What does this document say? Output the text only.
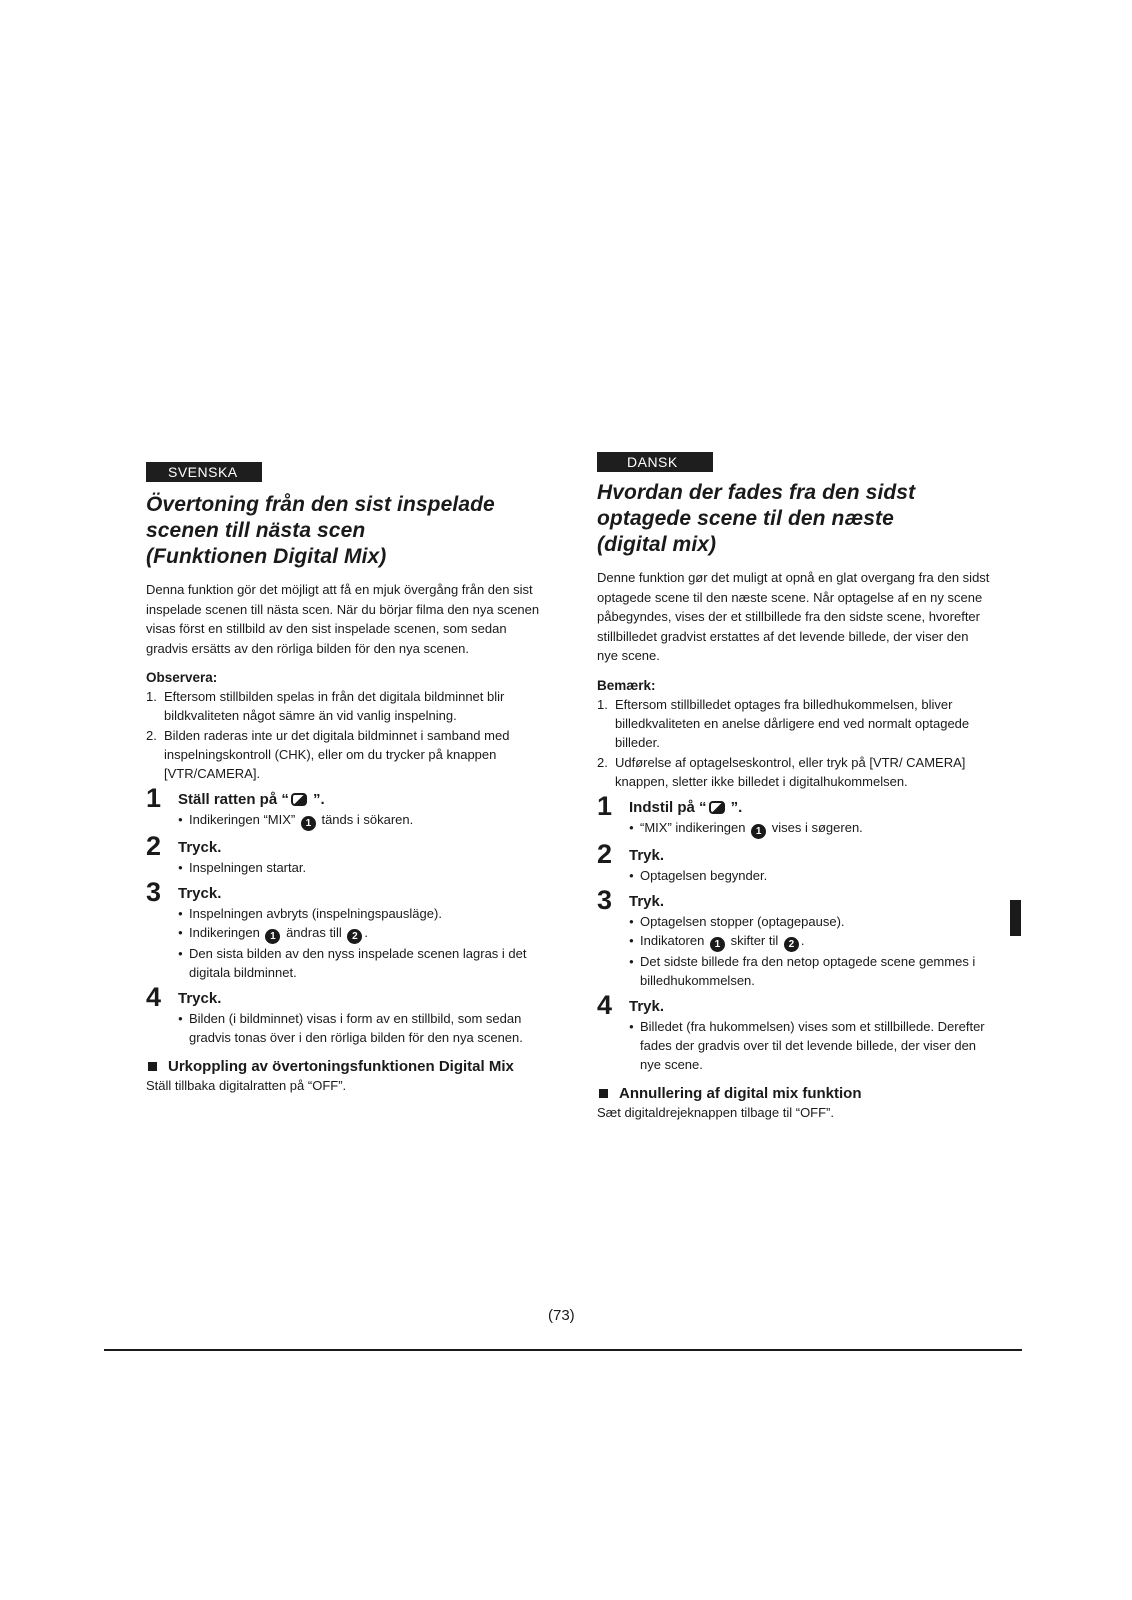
SVENSKA
Övertoning från den sist inspelade
scenen till nästa scen
(Funktionen Digital Mix)

Denna funktion gör det möjligt att få en mjuk övergång från den sist inspelade scenen till nästa scen. När du börjar filma den nya scenen visas först en stillbild av den sist inspelade scenen, som sedan gradvis ersätts av den rörliga bilden för den nya scenen.

Observera:
1. Eftersom stillbilden spelas in från det digitala bildminnet blir bildkvaliteten något sämre än vid vanlig inspelning.
2. Bilden raderas inte ur det digitala bildminnet i samband med inspelningskontroll (CHK), eller om du trycker på knappen [VTR/CAMERA].
1 Ställ ratten på “ ”.
● Indikeringen “MIX” 1 tänds i sökaren.
2 Tryck.
● Inspelningen startar.
3 Tryck.
● Inspelningen avbryts (inspelningspausläge).
● Indikeringen 1 ändras till 2 .
● Den sista bilden av den nyss inspelade scenen lagras i det digitala bildminnet.
4 Tryck.
● Bilden (i bildminnet) visas i form av en stillbild, som sedan gradvis tonas över i den rörliga bilden för den nya scenen.
Urkoppling av övertoningsfunktionen Digital Mix
Ställ tillbaka digitalratten på “OFF”.
DANSK
Hvordan der fades fra den sidst
optagede scene til den næste
(digital mix)

Denne funktion gør det muligt at opnå en glat overgang fra den sidst optagede scene til den næste scene. Når optagelse af en ny scene påbegyndes, vises der et stillbillede fra den sidste scene, hvorefter stillbilledet gradvist erstattes af det levende billede, der viser den nye scene.

Bemærk:
1. Eftersom stillbilledet optages fra billedhukommelsen, bliver billedkvaliteten en anelse dårligere end ved normalt optagede billeder.
2. Udførelse af optagelseskontrol, eller tryk på [VTR/ CAMERA] knappen, sletter ikke billedet i digitalhukommelsen.
1 Indstil på “ ”.
● “MIX” indikeringen 1 vises i søgeren.
2 Tryk.
● Optagelsen begynder.
3 Tryk.
● Optagelsen stopper (optagepause).
● Indikatoren 1 skifter til 2 .
● Det sidste billede fra den netop optagede scene gemmes i billedhukommelsen.
4 Tryk.
● Billedet (fra hukommelsen) vises som et stillbillede. Derefter fades der gradvis over til det levende billede, der viser den nye scene.
Annullering af digital mix funktion
Sæt digitaldrejeknappen tilbage til “OFF”.
(73)
